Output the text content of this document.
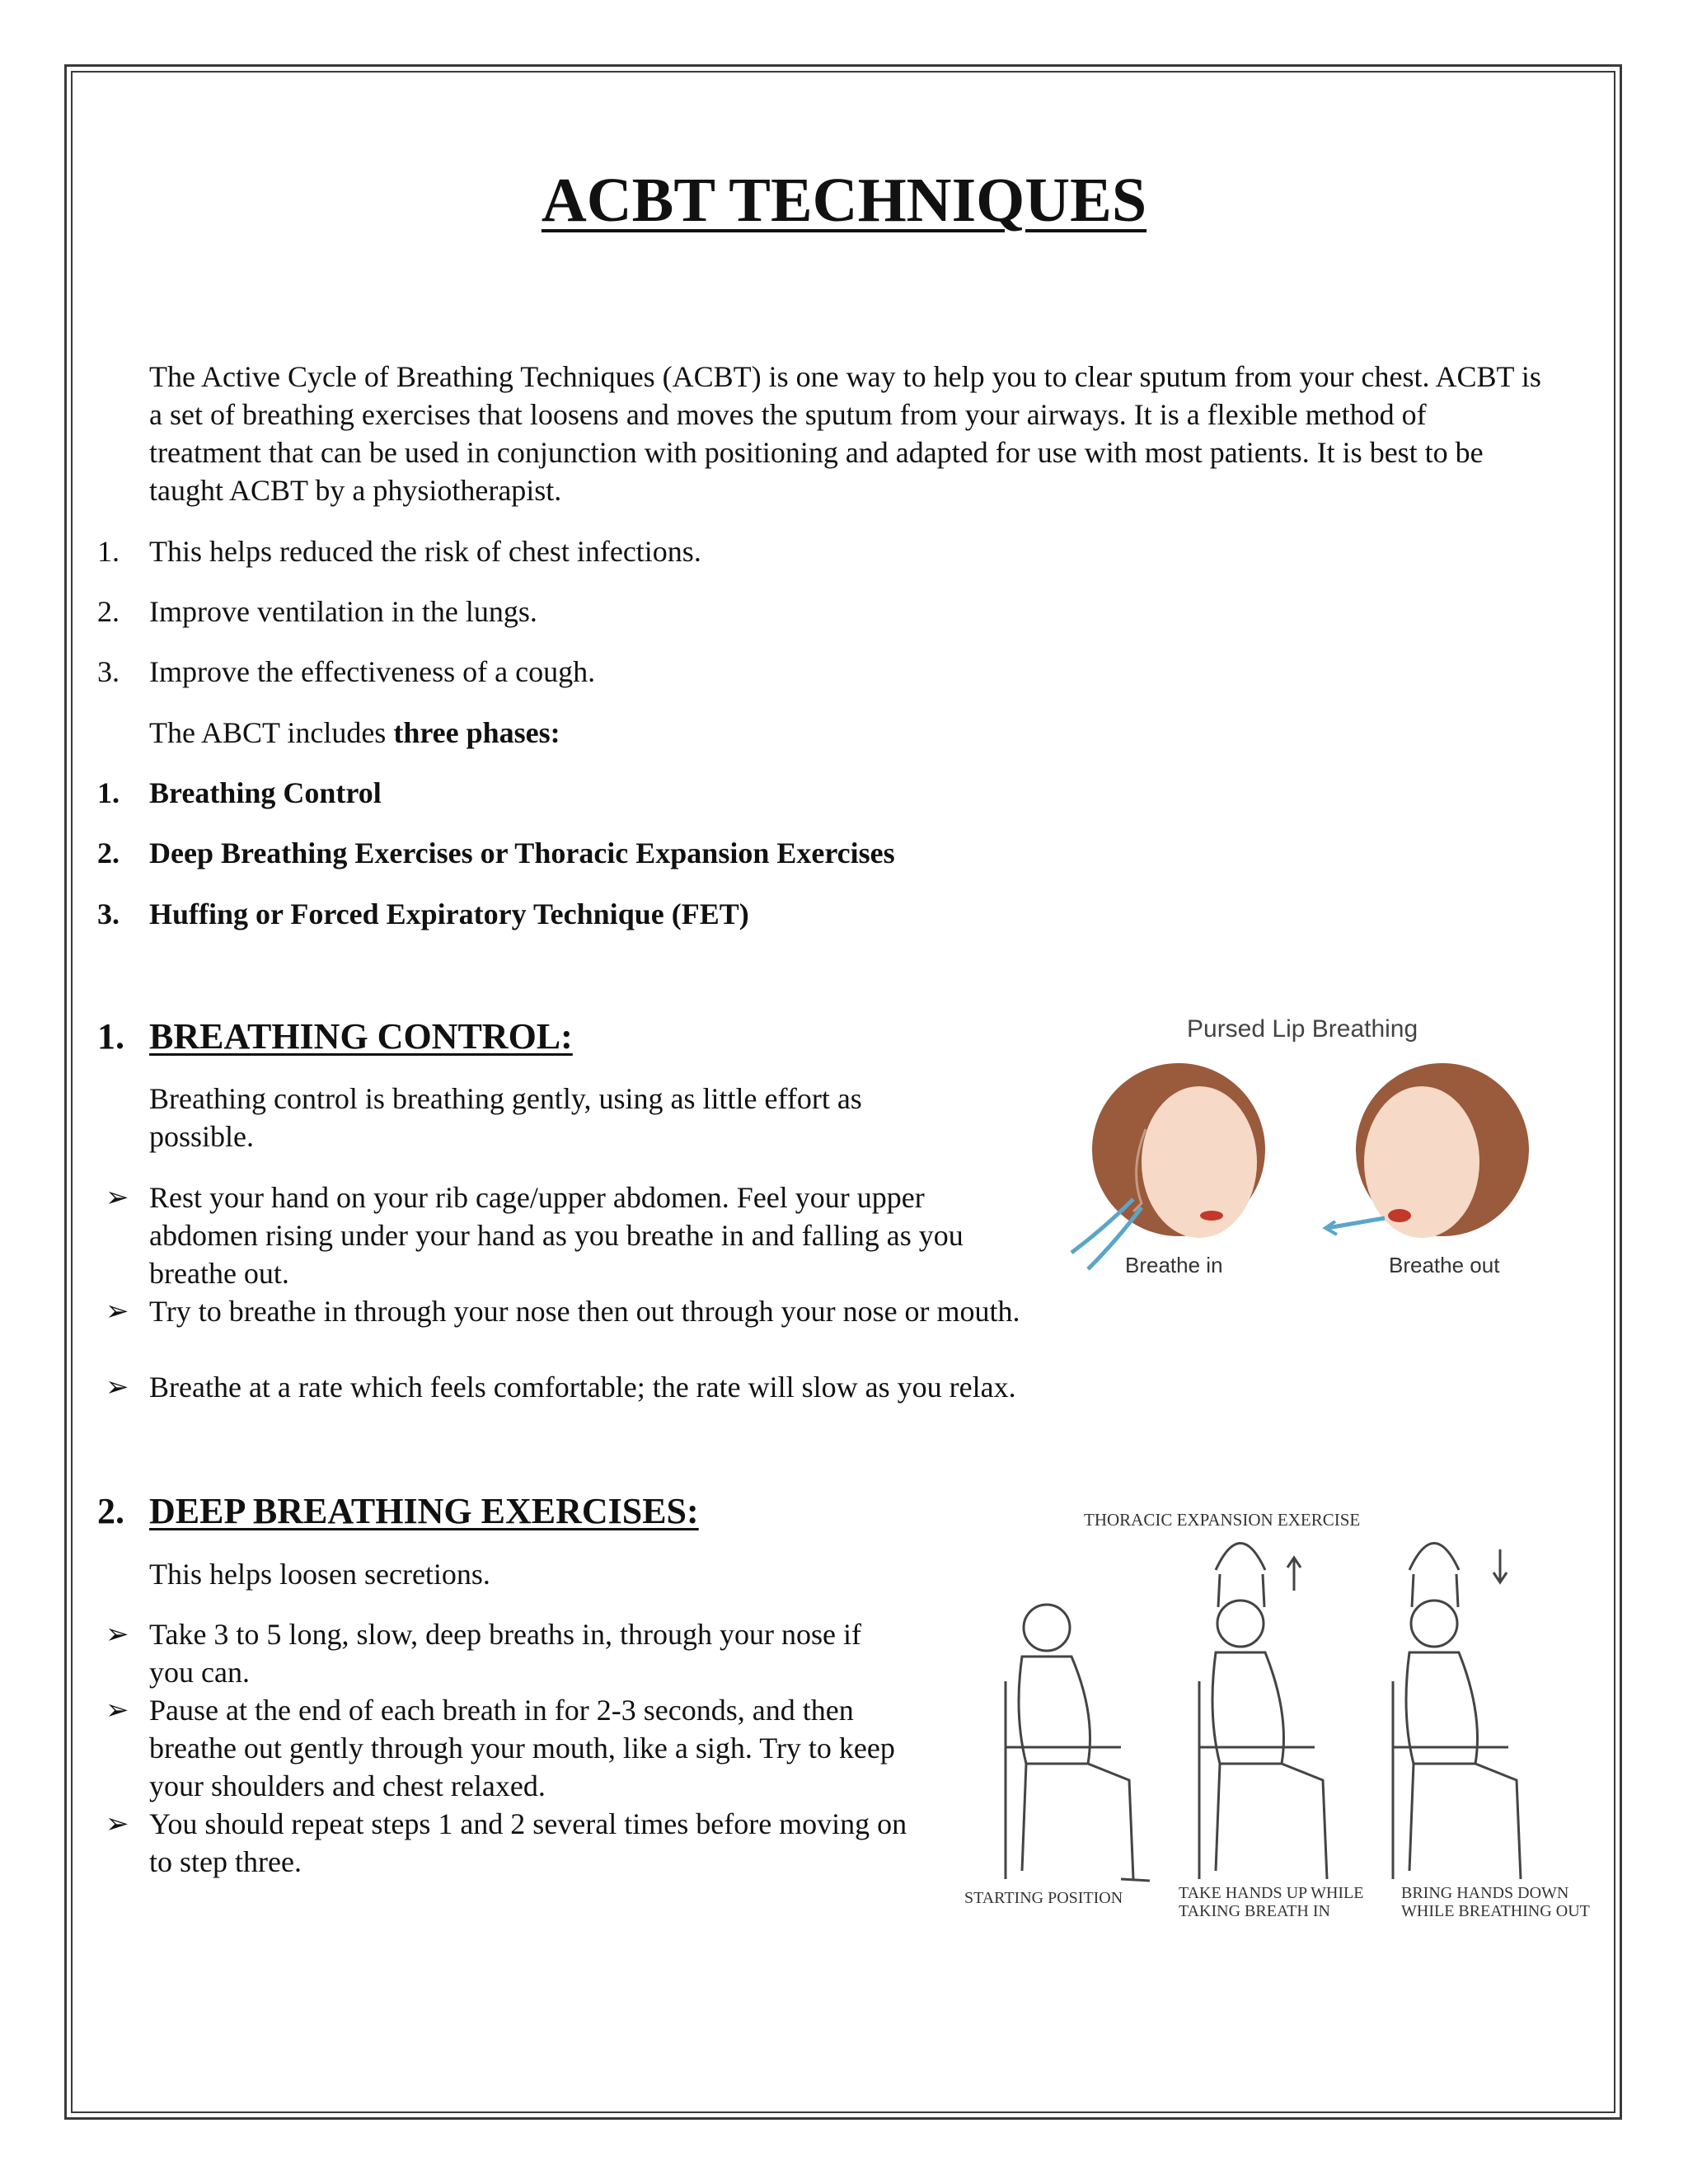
ACBT TECHNIQUES
The Active Cycle of Breathing Techniques (ACBT) is one way to help you to clear sputum from your chest. ACBT is a set of breathing exercises that loosens and moves the sputum from your airways. It is a flexible method of treatment that can be used in conjunction with positioning and adapted for use with most patients. It is best to be taught ACBT by a physiotherapist.
1. This helps reduced the risk of chest infections.
2. Improve ventilation in the lungs.
3. Improve the effectiveness of a cough.
The ABCT includes three phases:
1. Breathing Control
2. Deep Breathing Exercises or Thoracic Expansion Exercises
3. Huffing or Forced Expiratory Technique (FET)
1. BREATHING CONTROL:
Breathing control is breathing gently, using as little effort as possible.
➢ Rest your hand on your rib cage/upper abdomen. Feel your upper abdomen rising under your hand as you breathe in and falling as you breathe out.
➢ Try to breathe in through your nose then out through your nose or mouth.
➢ Breathe at a rate which feels comfortable; the rate will slow as you relax.
Pursed Lip Breathing
Breathe in	Breathe out
2. DEEP BREATHING EXERCISES:
This helps loosen secretions.
➢ Take 3 to 5 long, slow, deep breaths in, through your nose if you can.
➢ Pause at the end of each breath in for 2-3 seconds, and then breathe out gently through your mouth, like a sigh. Try to keep your shoulders and chest relaxed.
➢ You should repeat steps 1 and 2 several times before moving on to step three.
THORACIC EXPANSION EXERCISE
STARTING POSITION	TAKE HANDS UP WHILE
TAKING BREATH IN
BRING HANDS DOWN
WHILE BREATHING OUT
